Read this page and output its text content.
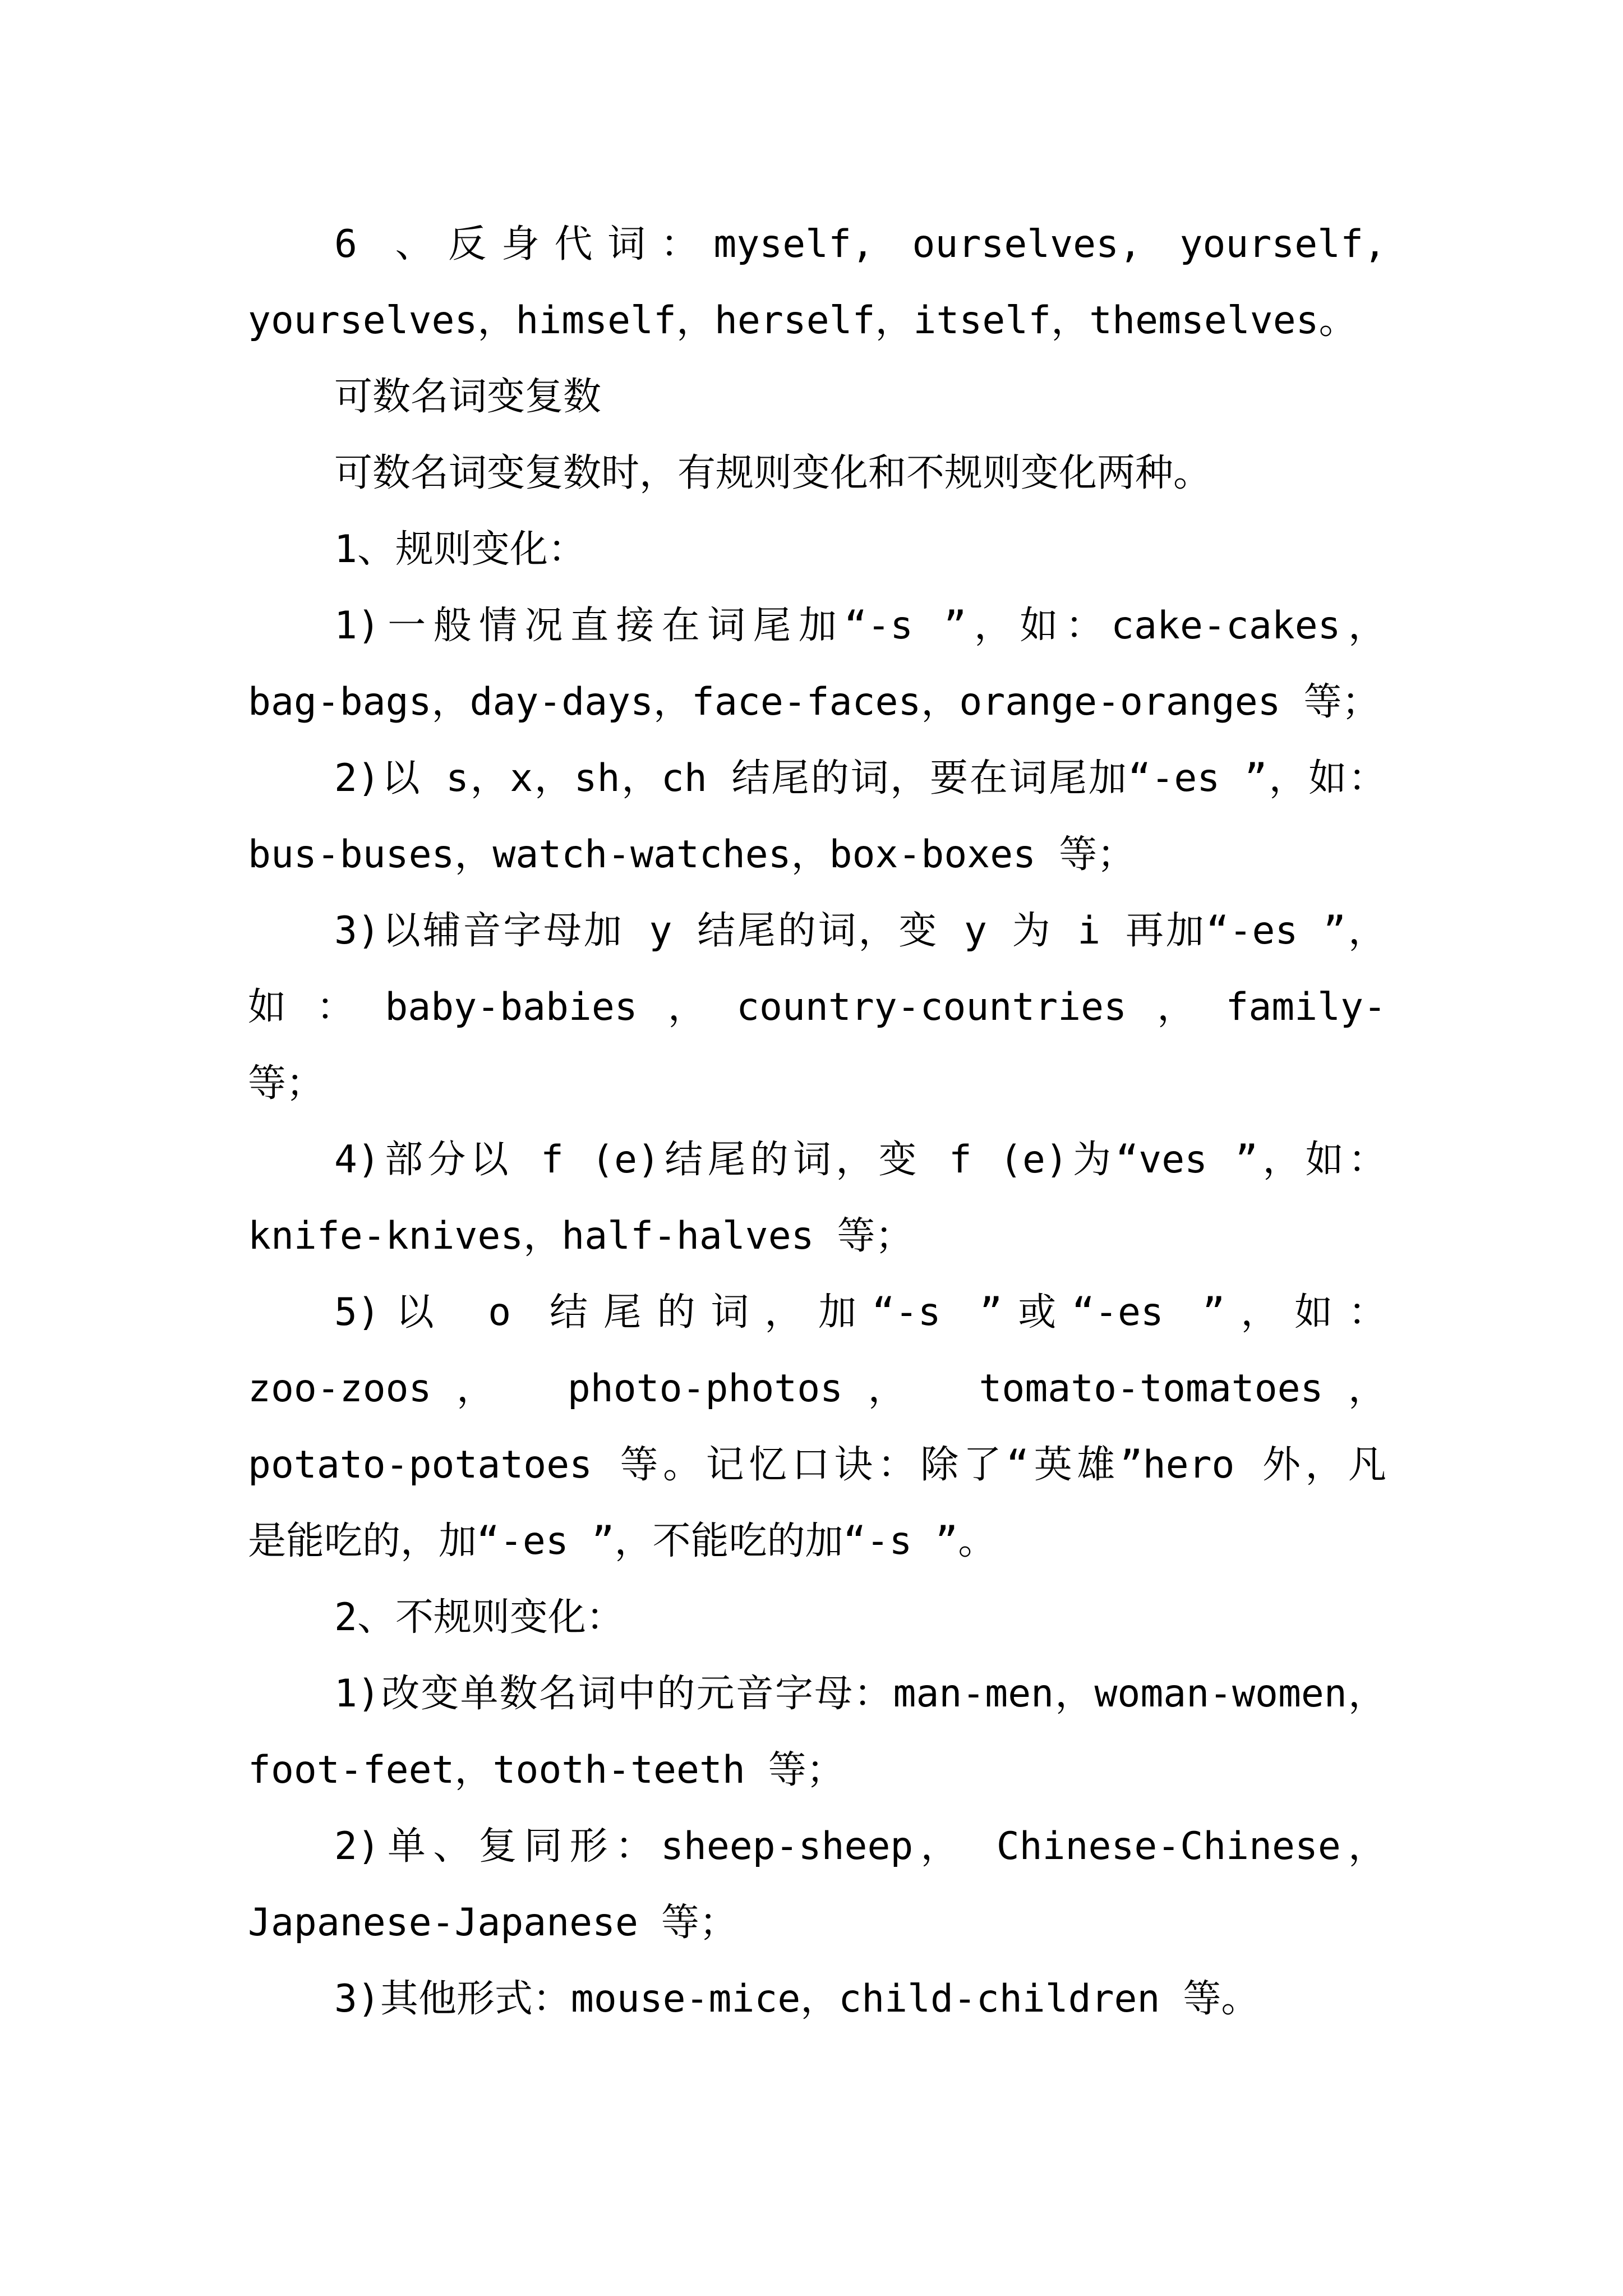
6 、反身代词：myself, ourselves, yourself,
yourselves，himself，herself，itself，themselves。
可数名词变复数
可数名词变复数时，有规则变化和不规则变化两种。
1、规则变化：
1)一般情况直接在词尾加“-s ”，如：cake-cakes，
bag-bags，day-days，face-faces，orange-oranges 等；
2)以 s，x，sh，ch 结尾的词，要在词尾加“-es ”，如：
bus-buses，watch-watches，box-boxes 等；
3)以辅音字母加 y 结尾的词，变 y 为 i 再加“-es ”，
如：baby-babies，country-countries，family-
等；
4)部分以 f (e)结尾的词，变 f (e)为“ves ”，如：
knife-knives，half-halves 等；
5)以 o 结尾的词，加“-s ”或“-es ”，如：
zoo-zoos， photo-photos， tomato-tomatoes，
potato-potatoes 等。记忆口诀：除了“英雄”hero 外，凡
是能吃的，加“-es ”，不能吃的加“-s ”。
2、不规则变化：
1)改变单数名词中的元音字母：man-men，woman-women，
foot-feet，tooth-teeth 等；
2)单、复同形：sheep-sheep， Chinese-Chinese，
Japanese-Japanese 等；
3)其他形式：mouse-mice，child-children 等。
